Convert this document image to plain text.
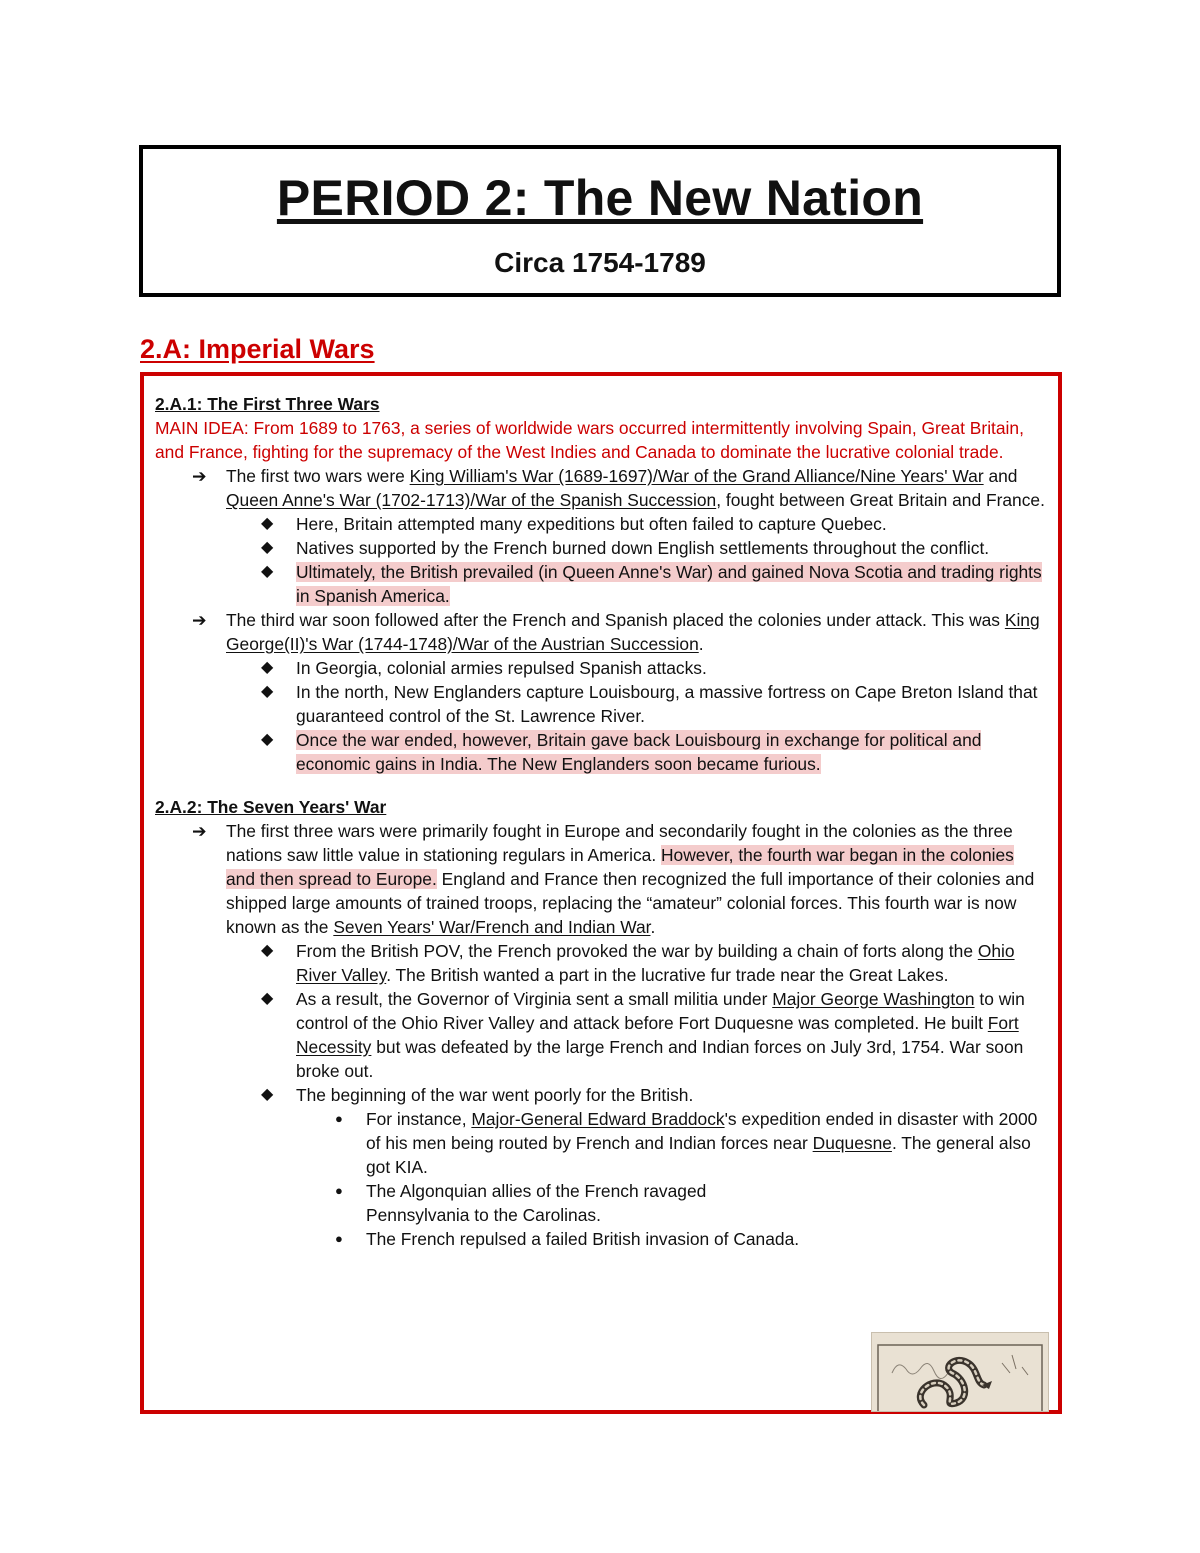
PERIOD 2: The New Nation
Circa 1754-1789
2.A: Imperial Wars

2.A.1: The First Three Wars

MAIN IDEA: From 1689 to 1763, a series of worldwide wars occurred intermittently involving Spain, Great Britain, and France, fighting for the supremacy of the West Indies and Canada to dominate the lucrative colonial trade.

➔ The first two wars were King William's War (1689-1697)/War of the Grand Alliance/Nine Years' War and Queen Anne's War (1702-1713)/War of the Spanish Succession, fought between Great Britain and France.
◆ Here, Britain attempted many expeditions but often failed to capture Quebec.
◆ Natives supported by the French burned down English settlements throughout the conflict.
◆ Ultimately, the British prevailed (in Queen Anne's War) and gained Nova Scotia and trading rights in Spanish America.
➔ The third war soon followed after the French and Spanish placed the colonies under attack. This was King George(II)'s War (1744-1748)/War of the Austrian Succession.
◆ In Georgia, colonial armies repulsed Spanish attacks.
◆ In the north, New Englanders capture Louisbourg, a massive fortress on Cape Breton Island that guaranteed control of the St. Lawrence River.
◆ Once the war ended, however, Britain gave back Louisbourg in exchange for political and economic gains in India. The New Englanders soon became furious.

2.A.2: The Seven Years' War

➔ The first three wars were primarily fought in Europe and secondarily fought in the colonies as the three nations saw little value in stationing regulars in America. However, the fourth war began in the colonies and then spread to Europe. England and France then recognized the full importance of their colonies and shipped large amounts of trained troops, replacing the “amateur” colonial forces. This fourth war is now known as the Seven Years' War/French and Indian War.
◆ From the British POV, the French provoked the war by building a chain of forts along the Ohio River Valley. The British wanted a part in the lucrative fur trade near the Great Lakes.
◆ As a result, the Governor of Virginia sent a small militia under Major George Washington to win control of the Ohio River Valley and attack before Fort Duquesne was completed. He built Fort Necessity but was defeated by the large French and Indian forces on July 3rd, 1754. War soon broke out.
◆ The beginning of the war went poorly for the British.
● For instance, Major-General Edward Braddock's expedition ended in disaster with 2000 of his men being routed by French and Indian forces near Duquesne. The general also got KIA.
● The Algonquian allies of the French ravaged Pennsylvania to the Carolinas.
● The French repulsed a failed British invasion of Canada.
